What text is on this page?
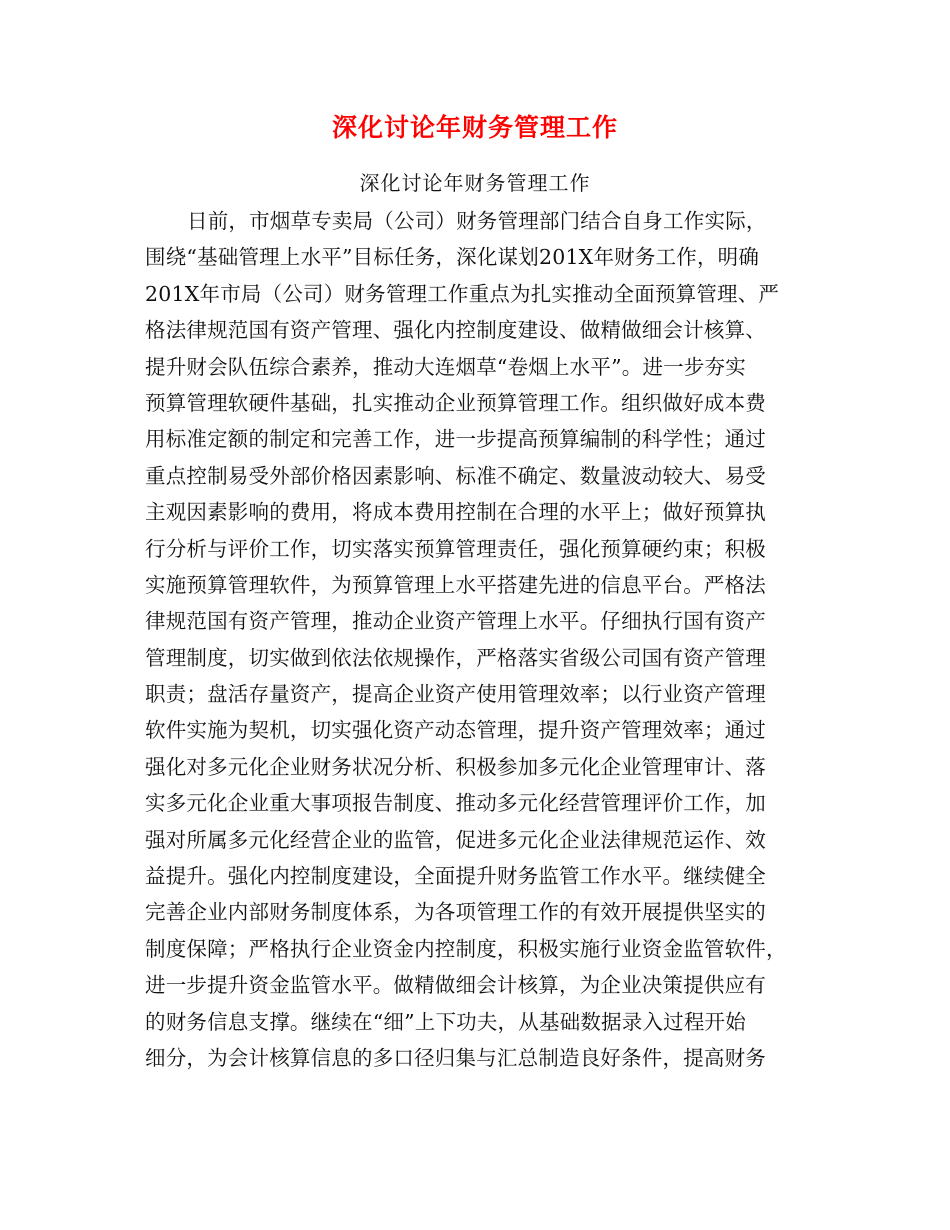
深化讨论年财务管理工作
深化讨论年财务管理工作
日前，市烟草专卖局（公司）财务管理部门结合自身工作实际，
围绕“基础管理上水平”目标任务，深化谋划201X年财务工作，明确
201X年市局（公司）财务管理工作重点为扎实推动全面预算管理、严
格法律规范国有资产管理、强化内控制度建设、做精做细会计核算、
提升财会队伍综合素养，推动大连烟草“卷烟上水平”。进一步夯实
预算管理软硬件基础，扎实推动企业预算管理工作。组织做好成本费
用标准定额的制定和完善工作，进一步提高预算编制的科学性；通过
重点控制易受外部价格因素影响、标准不确定、数量波动较大、易受
主观因素影响的费用，将成本费用控制在合理的水平上；做好预算执
行分析与评价工作，切实落实预算管理责任，强化预算硬约束；积极
实施预算管理软件，为预算管理上水平搭建先进的信息平台。严格法
律规范国有资产管理，推动企业资产管理上水平。仔细执行国有资产
管理制度，切实做到依法依规操作，严格落实省级公司国有资产管理
职责；盘活存量资产，提高企业资产使用管理效率；以行业资产管理
软件实施为契机，切实强化资产动态管理，提升资产管理效率；通过
强化对多元化企业财务状况分析、积极参加多元化企业管理审计、落
实多元化企业重大事项报告制度、推动多元化经营管理评价工作，加
强对所属多元化经营企业的监管，促进多元化企业法律规范运作、效
益提升。强化内控制度建设，全面提升财务监管工作水平。继续健全
完善企业内部财务制度体系，为各项管理工作的有效开展提供坚实的
制度保障；严格执行企业资金内控制度，积极实施行业资金监管软件，
进一步提升资金监管水平。做精做细会计核算，为企业决策提供应有
的财务信息支撑。继续在“细”上下功夫，从基础数据录入过程开始
细分，为会计核算信息的多口径归集与汇总制造良好条件，提高财务
